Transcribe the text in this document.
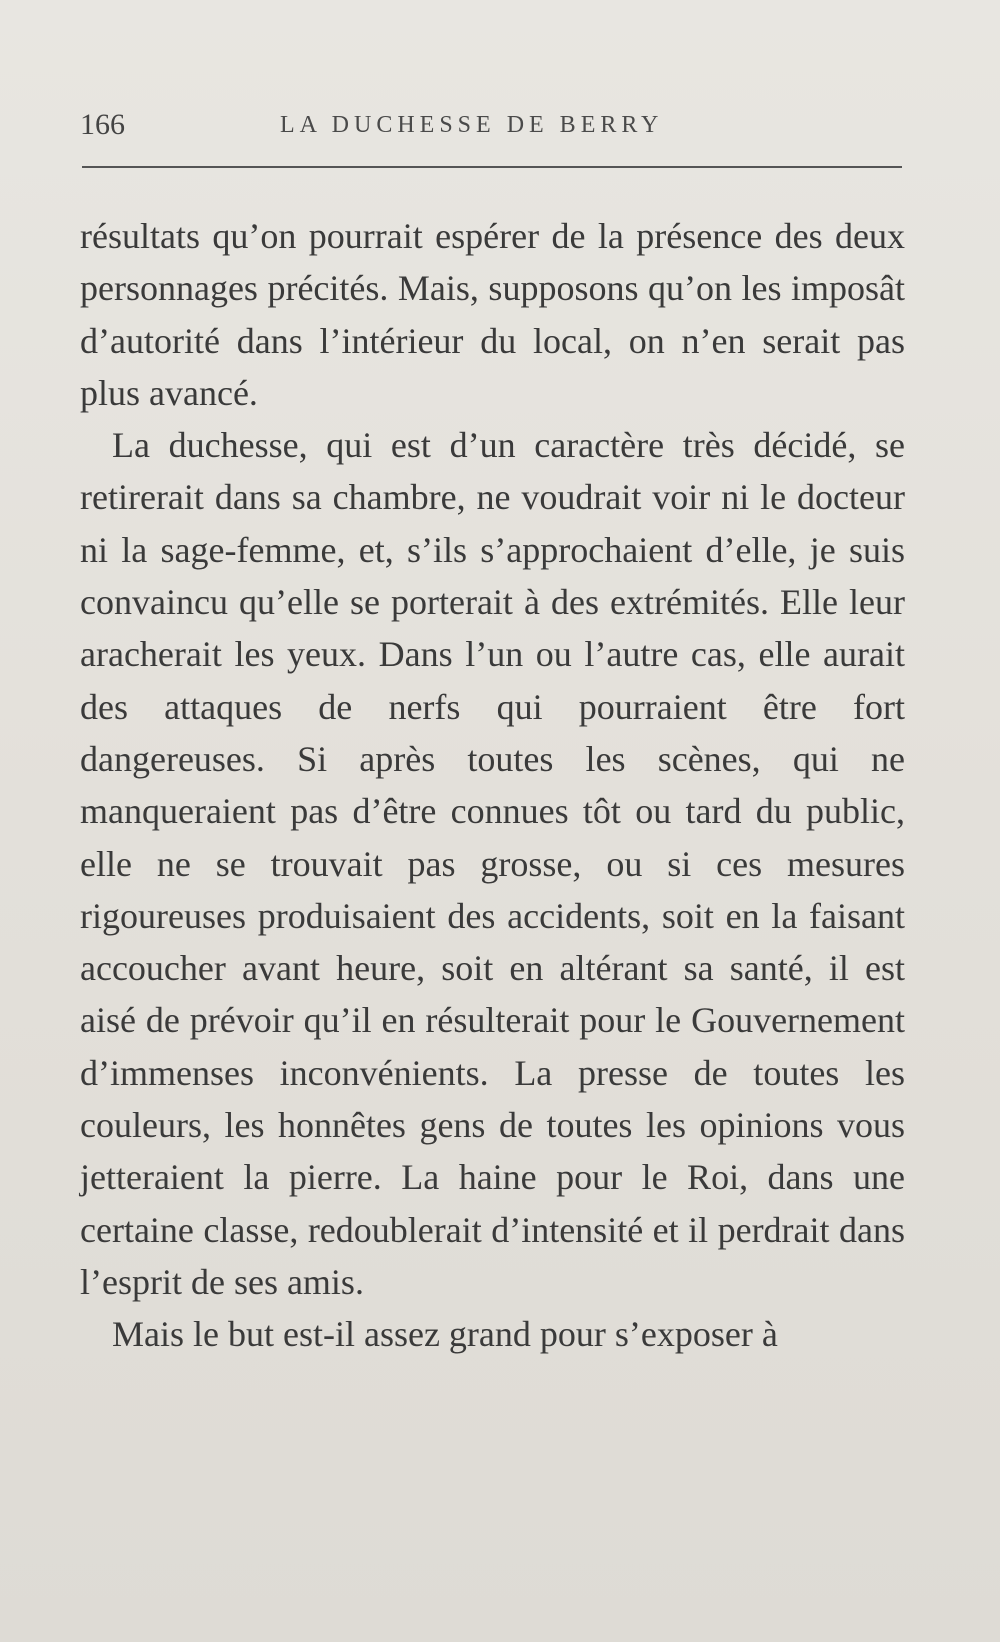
166	LA DUCHESSE DE BERRY

résultats qu’on pourrait espérer de la présence des deux personnages précités. Mais, supposons qu’on les imposât d’autorité dans l’intérieur du local, on n’en serait pas plus avancé.

La duchesse, qui est d’un caractère très décidé, se retirerait dans sa chambre, ne voudrait voir ni le docteur ni la sage-femme, et, s’ils s’approchaient d’elle, je suis convaincu qu’elle se porterait à des extrémités. Elle leur aracherait les yeux. Dans l’un ou l’autre cas, elle aurait des attaques de nerfs qui pourraient être fort dangereuses. Si après toutes les scènes, qui ne manqueraient pas d’être connues tôt ou tard du public, elle ne se trouvait pas grosse, ou si ces mesures rigoureuses produisaient des accidents, soit en la faisant accoucher avant heure, soit en altérant sa santé, il est aisé de prévoir qu’il en résulterait pour le Gouvernement d’immenses inconvénients. La presse de toutes les couleurs, les honnêtes gens de toutes les opinions vous jetteraient la pierre. La haine pour le Roi, dans une certaine classe, redoublerait d’intensité et il perdrait dans l’esprit de ses amis.

Mais le but est-il assez grand pour s’exposer à
